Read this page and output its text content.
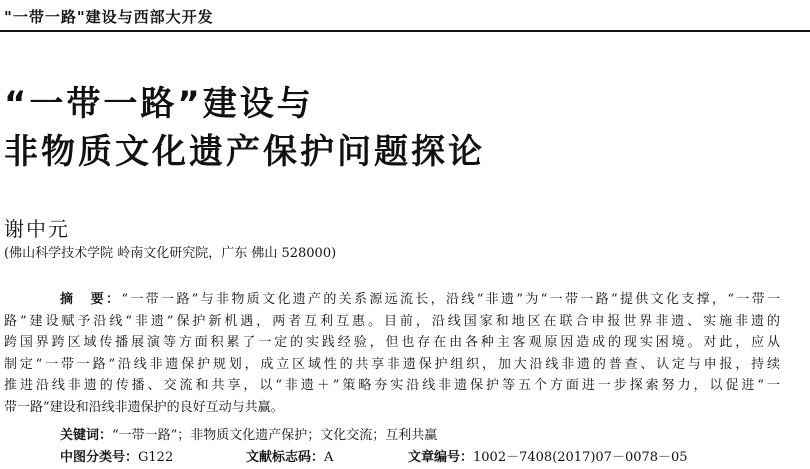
"一带一路"建设与西部大开发
“一带一路”建设与
非物质文化遗产保护问题探论
谢中元
(佛山科学技术学院 岭南文化研究院，广东 佛山 528000)
摘　要：“一带一路”与非物质文化遗产的关系源远流长，沿线“非遗”为“一带一路”提供文化支撑，“一带一
路”建设赋予沿线“非遗”保护新机遇，两者互利互惠。目前，沿线国家和地区在联合申报世界非遗、实施非遗的
跨国界跨区域传播展演等方面积累了一定的实践经验，但也存在由各种主客观原因造成的现实困境。对此，应从
制定“一带一路”沿线非遗保护规划，成立区域性的共享非遗保护组织，加大沿线非遗的普查、认定与申报，持续
推进沿线非遗的传播、交流和共享，以“非遗＋”策略夯实沿线非遗保护等五个方面进一步探索努力，以促进“一
带一路”建设和沿线非遗保护的良好互动与共赢。
关键词：“一带一路”；非物质文化遗产保护；文化交流；互利共赢
中图分类号：G122	文献标志码：A	文章编号：1002－7408(2017)07－0078－05
